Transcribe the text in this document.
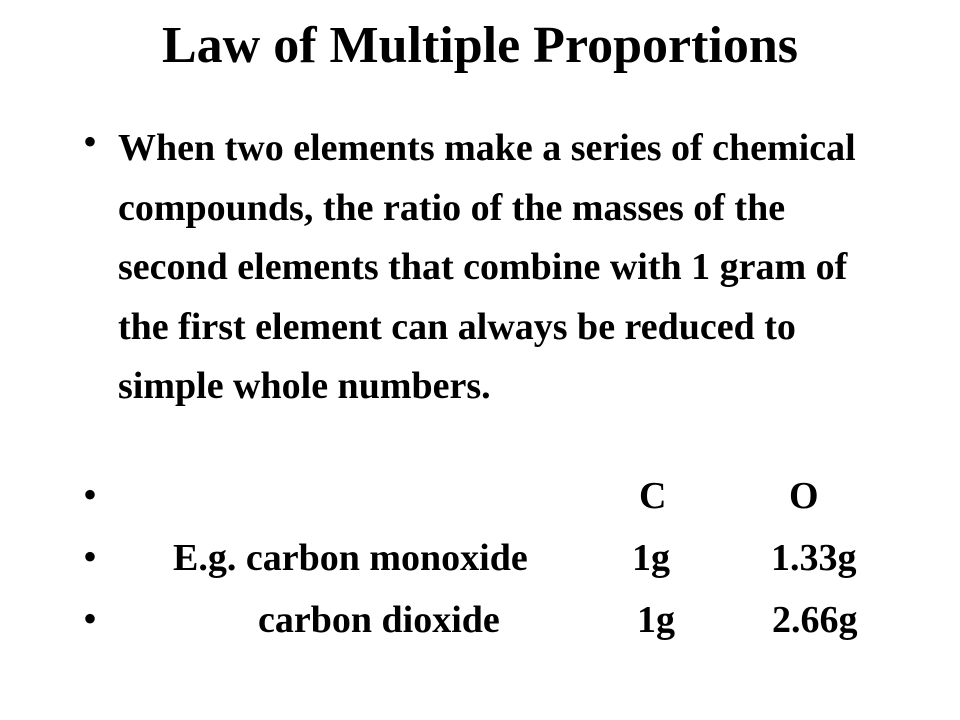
Law of Multiple Proportions
• When two elements make a series of chemical compounds, the ratio of the masses of the second elements that combine with 1 gram of the first element can always be reduced to simple whole numbers.

•	C	O
• E.g. carbon monoxide	1g	1.33g
•	carbon dioxide	1g	2.66g
